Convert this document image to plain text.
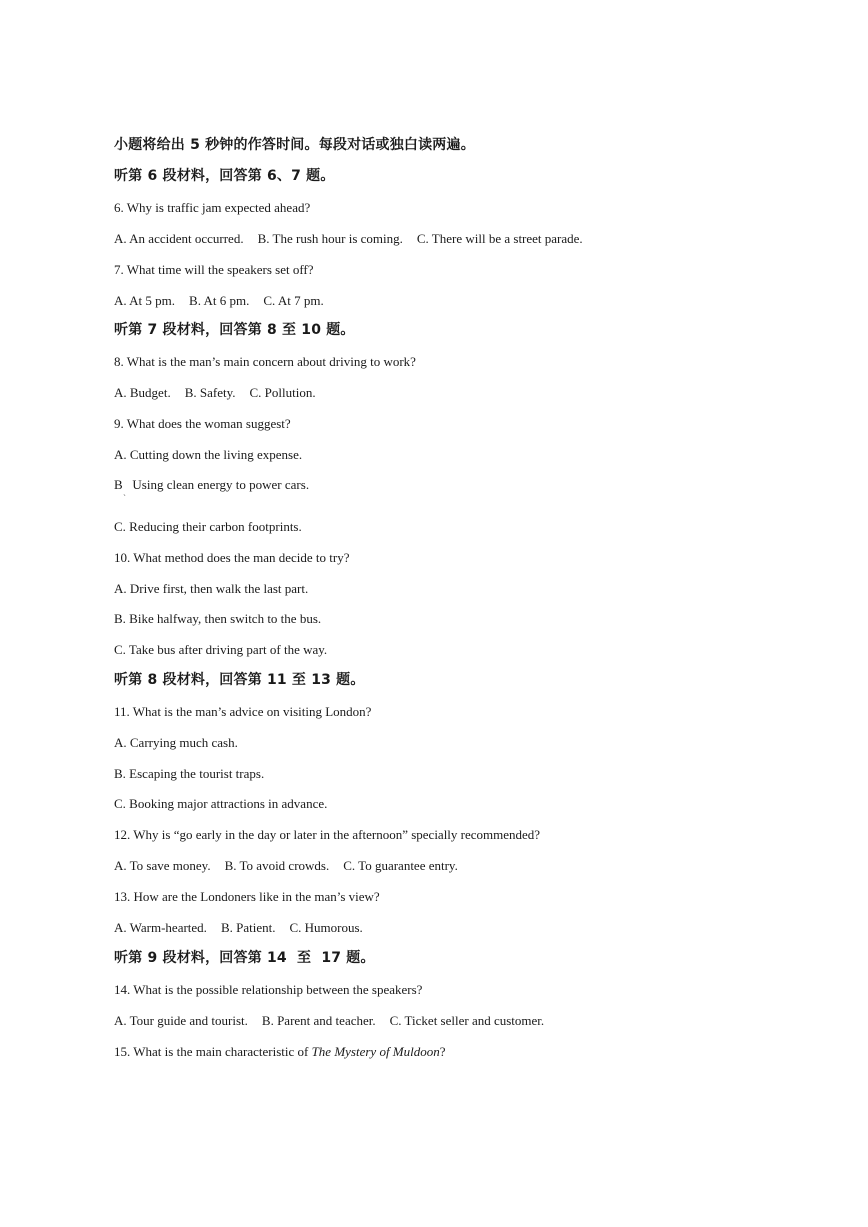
小题将给出 5 秒钟的作答时间。每段对话或独白读两遍。
听第 6 段材料，回答第 6、7 题。
6. Why is traffic jam expected ahead?
A. An accident occurred. B. The rush hour is coming. C. There will be a street parade.
7. What time will the speakers set off?
A. At 5 pm. B. At 6 pm. C. At 7 pm.
听第 7 段材料，回答第 8 至 10 题。
8. What is the man’s main concern about driving to work?
A. Budget. B. Safety. C. Pollution.
9. What does the woman suggest?
A. Cutting down the living expense.
B   Using clean energy to power cars.
`
C. Reducing their carbon footprints.
10. What method does the man decide to try?
A. Drive first, then walk the last part.
B. Bike halfway, then switch to the bus.
C. Take bus after driving part of the way.
听第 8 段材料，回答第 11 至 13 题。
11. What is the man’s advice on visiting London?
A. Carrying much cash.
B. Escaping the tourist traps.
C. Booking major attractions in advance.
12. Why is “go early in the day or later in the afternoon” specially recommended?
A. To save money. B. To avoid crowds. C. To guarantee entry.
13. How are the Londoners like in the man’s view?
A. Warm-hearted. B. Patient. C. Humorous.
听第 9 段材料，回答第 14  至  17 题。
14. What is the possible relationship between the speakers?
A. Tour guide and tourist. B. Parent and teacher. C. Ticket seller and customer.
15. What is the main characteristic of The Mystery of Muldoon?
